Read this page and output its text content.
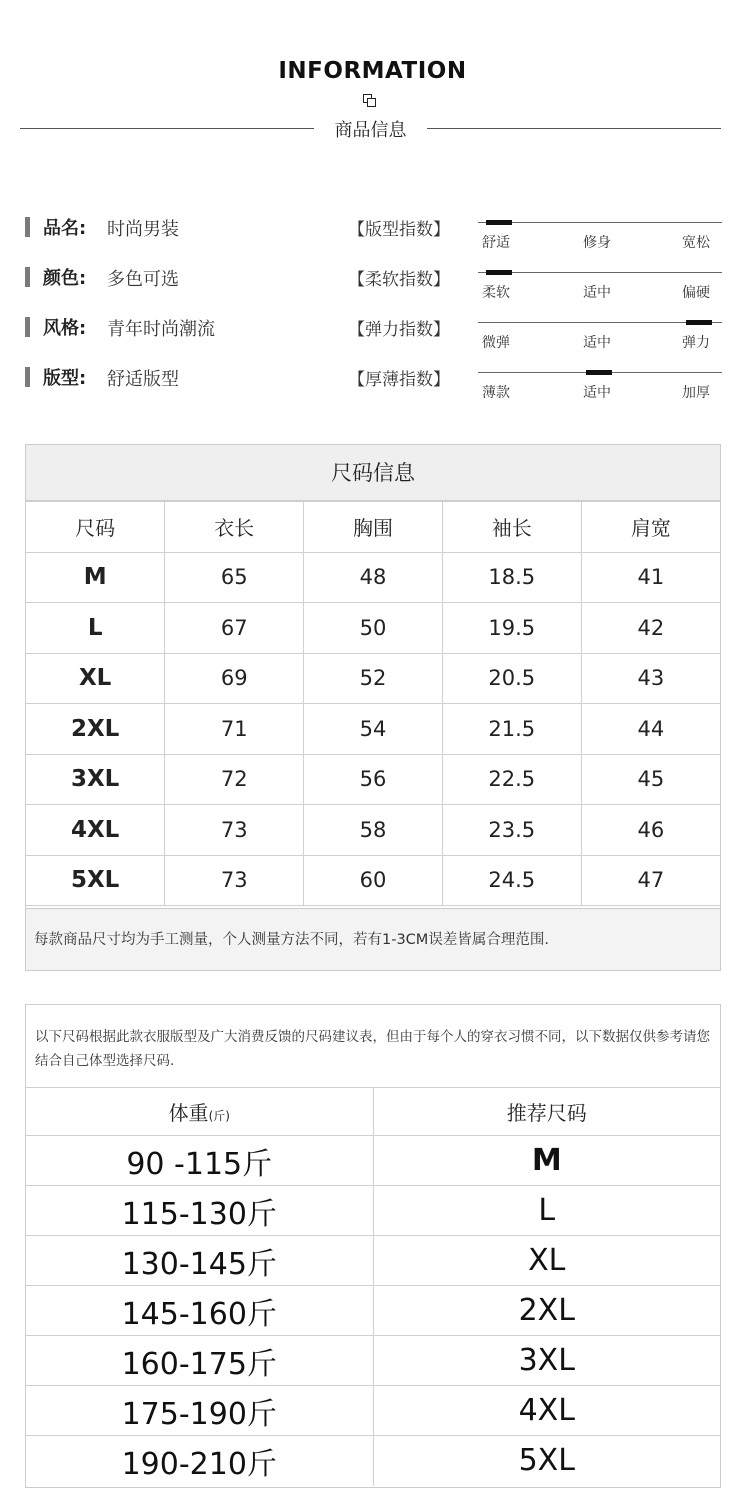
INFORMATION
商品信息
品名: 时尚男装
颜色: 多色可选
风格: 青年时尚潮流
版型: 舒适版型
【版型指数】
舒适	修身	宽松
【柔软指数】
柔软	适中	偏硬
【弹力指数】
微弹	适中	弹力
【厚薄指数】
薄款	适中	加厚
尺码信息
尺码	衣长	胸围	袖长	肩宽
M	65	48	18.5	41
L	67	50	19.5	42
XL	69	52	20.5	43
2XL	71	54	21.5	44
3XL	72	56	22.5	45
4XL	73	58	23.5	46
5XL	73	60	24.5	47
每款商品尺寸均为手工测量，个人测量方法不同，若有1-3CM误差皆属合理范围.
以下尺码根据此款衣服版型及广大消费反馈的尺码建议表，但由于每个人的穿衣习惯不同，以下数据仅供参考请您结合自己体型选择尺码.
体重(斤)	推荐尺码
90 -115斤	M
115-130斤	L
130-145斤	XL
145-160斤	2XL
160-175斤	3XL
175-190斤	4XL
190-210斤	5XL
